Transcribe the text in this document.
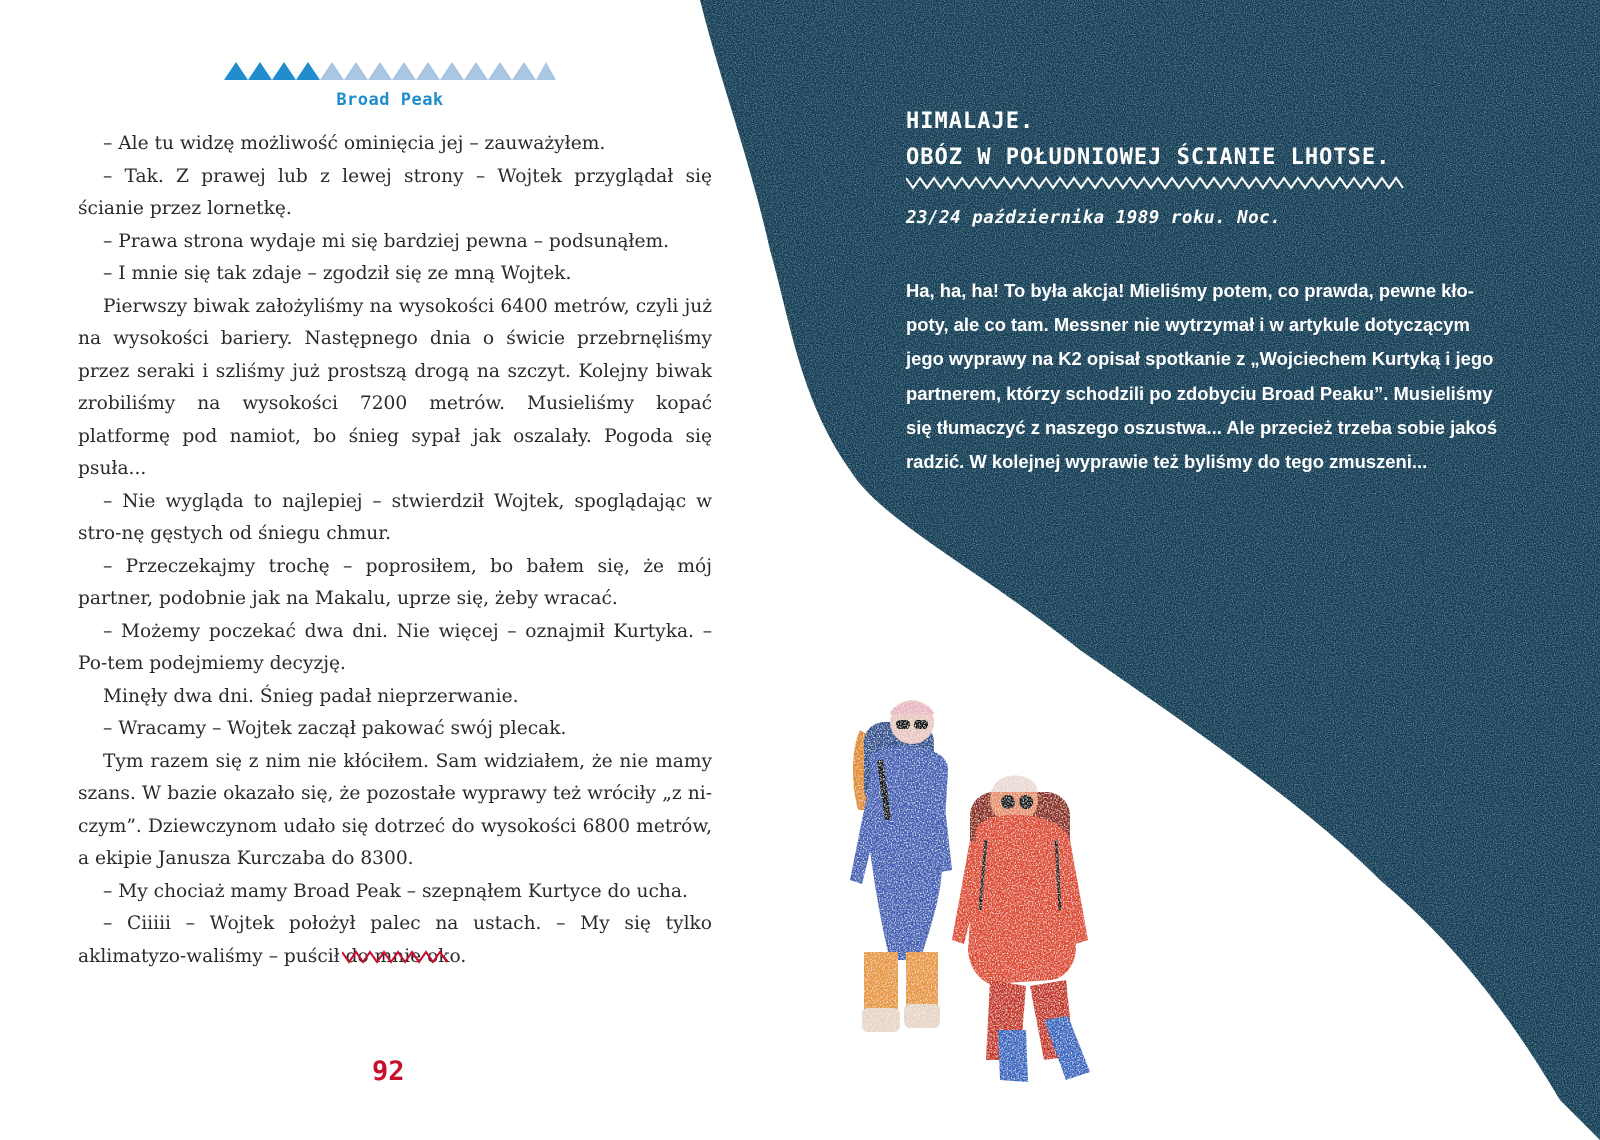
Broad Peak

– Ale tu widzę możliwość ominięcia jej – zauważyłem.

– Tak. Z prawej lub z lewej strony – Wojtek przyglądał się ścianie przez lornetkę.

– Prawa strona wydaje mi się bardziej pewna – podsunąłem.

– I mnie się tak zdaje – zgodził się ze mną Wojtek.

Pierwszy biwak założyliśmy na wysokości 6400 metrów, czyli już na wysokości bariery. Następnego dnia o świcie przebrnęliśmy przez seraki i szliśmy już prostszą drogą na szczyt. Kolejny biwak zrobiliśmy na wysokości 7200 metrów. Musieliśmy kopać platformę pod namiot, bo śnieg sypał jak oszalały. Pogoda się psuła...

– Nie wygląda to najlepiej – stwierdził Wojtek, spoglądając w stro-nę gęstych od śniegu chmur.

– Przeczekajmy trochę – poprosiłem, bo bałem się, że mój partner, podobnie jak na Makalu, uprze się, żeby wracać.

– Możemy poczekać dwa dni. Nie więcej – oznajmił Kurtyka. – Po-tem podejmiemy decyzję.

Minęły dwa dni. Śnieg padał nieprzerwanie.

– Wracamy – Wojtek zaczął pakować swój plecak.

Tym razem się z nim nie kłóciłem. Sam widziałem, że nie mamy szans. W bazie okazało się, że pozostałe wyprawy też wróciły „z ni-czym”. Dziewczynom udało się dotrzeć do wysokości 6800 metrów, a ekipie Janusza Kurczaba do 8300.

– My chociaż mamy Broad Peak – szepnąłem Kurtyce do ucha.

– Ciiiii – Wojtek położył palec na ustach. – My się tylko aklimatyzo-waliśmy – puścił do mnie oko.

92
HIMALAJE.
OBÓZ W POŁUDNIOWEJ ŚCIANIE LHOTSE.
23/24 października 1989 roku. Noc.
Ha, ha, ha! To była akcja! Mieliśmy potem, co prawda, pewne kło-
poty, ale co tam. Messner nie wytrzymał i w artykule dotyczącym
jego wyprawy na K2 opisał spotkanie z „Wojciechem Kurtyką i jego
partnerem, którzy schodzili po zdobyciu Broad Peaku”. Musieliśmy
się tłumaczyć z naszego oszustwa... Ale przecież trzeba sobie jakoś
radzić. W kolejnej wyprawie też byliśmy do tego zmuszeni...
